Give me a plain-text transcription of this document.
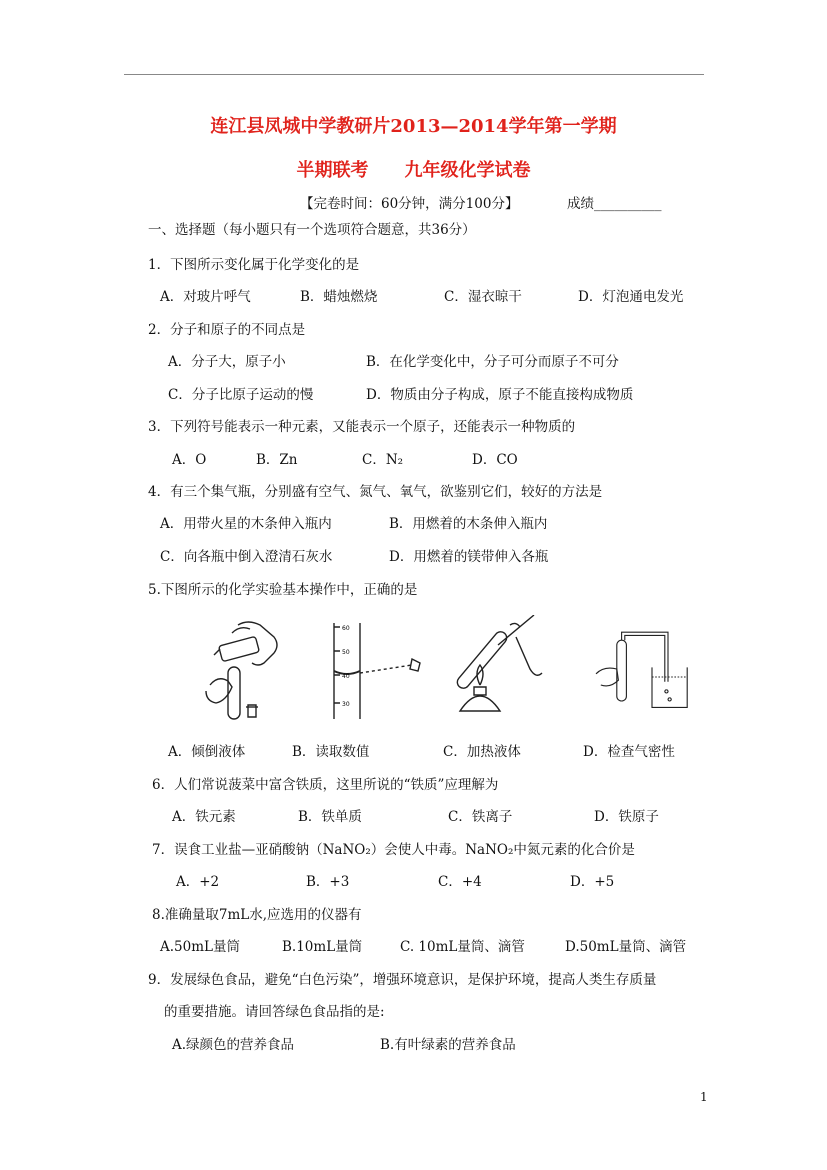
连江县凤城中学教研片2013—2014学年第一学期
半期联考　　九年级化学试卷
【完卷时间：60分钟，满分100分】	成绩__________
一、选择题（每小题只有一个选项符合题意，共36分）
1．下图所示变化属于化学变化的是
A．对玻片呼气	B．蜡烛燃烧	C．湿衣晾干	D．灯泡通电发光
2．分子和原子的不同点是
A．分子大，原子小	B．在化学变化中，分子可分而原子不可分
C．分子比原子运动的慢	D．物质由分子构成，原子不能直接构成物质
3．下列符号能表示一种元素，又能表示一个原子，还能表示一种物质的
A．O	B．Zn	C．N₂	D．CO
4．有三个集气瓶，分别盛有空气、氮气、氧气，欲鉴别它们，较好的方法是
A．用带火星的木条伸入瓶内	B．用燃着的木条伸入瓶内
C．向各瓶中倒入澄清石灰水	D．用燃着的镁带伸入各瓶
5.下图所示的化学实验基本操作中，正确的是
60
50
40
30
A．倾倒液体	B．读取数值	C．加热液体	D．检查气密性
6．人们常说菠菜中富含铁质，这里所说的“铁质”应理解为
A．铁元素	B．铁单质	C．铁离子	D．铁原子
7．误食工业盐—亚硝酸钠（NaNO₂）会使人中毒。NaNO₂中氮元素的化合价是
A．+2	B．+3	C．+4	D．+5
8.准确量取7mL水,应选用的仪器有
A.50mL量筒	B.10mL量筒	C. 10mL量筒、滴管	D.50mL量筒、滴管
9．发展绿色食品，避免“白色污染”，增强环境意识，是保护环境，提高人类生存质量
的重要措施。请回答绿色食品指的是:
A.绿颜色的营养食品	B.有叶绿素的营养食品
1
